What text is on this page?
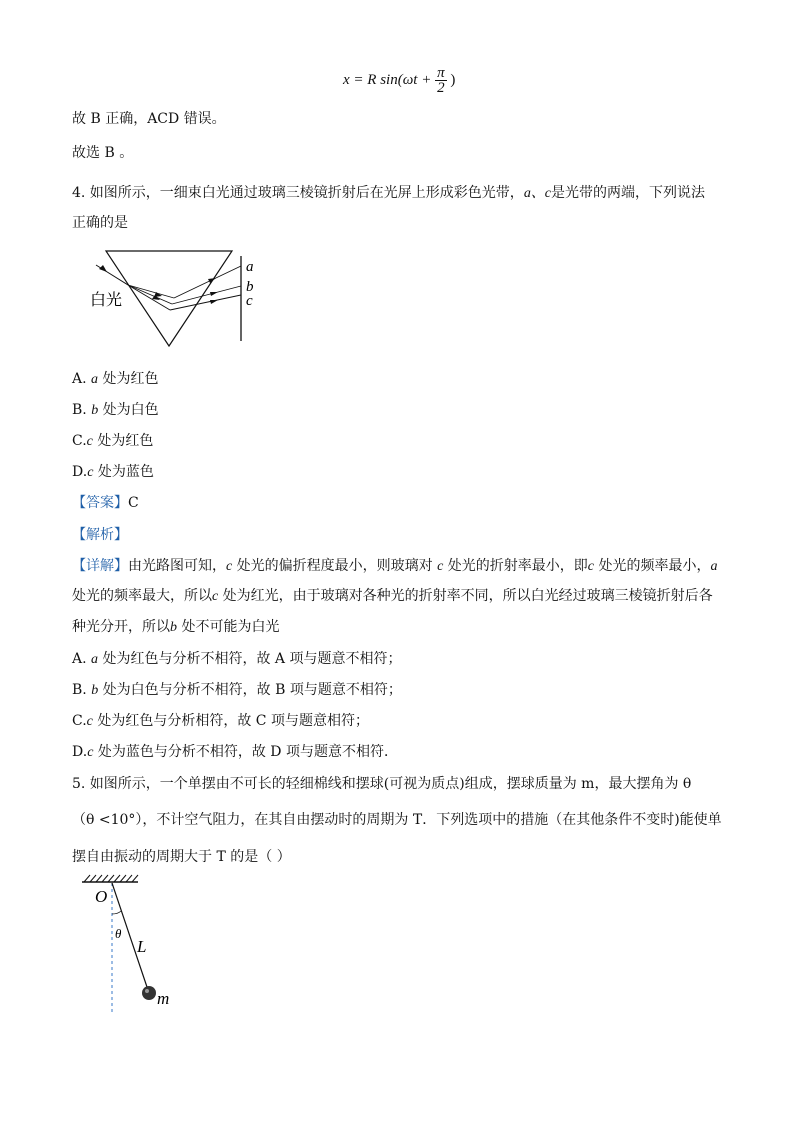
x = R $\sin(\omega t + \frac{\pi}{2}$ )
故 B 正确，ACD 错误。
故选 B 。
4. 如图所示，一细束白光通过玻璃三棱镜折射后在光屏上形成彩色光带，a、c是光带的两端，下列说法
正确的是
白光
a
b
c
A. a 处为红色
B. b 处为白色
C.c 处为红色
D.c 处为蓝色
【答案】C
【解析】
【详解】由光路图可知，c 处光的偏折程度最小，则玻璃对 c 处光的折射率最小，即c 处光的频率最小，a
处光的频率最大，所以c 处为红光，由于玻璃对各种光的折射率不同，所以白光经过玻璃三棱镜折射后各
种光分开，所以b 处不可能为白光
A. a 处为红色与分析不相符，故 A 项与题意不相符；
B. b 处为白色与分析不相符，故 B 项与题意不相符；
C.c 处为红色与分析相符，故 C 项与题意相符；
D.c 处为蓝色与分析不相符，故 D 项与题意不相符．
5. 如图所示，一个单摆由不可长的轻细棉线和摆球(可视为质点)组成，摆球质量为 m，最大摆角为 θ
（θ <10°），不计空气阻力，在其自由摆动时的周期为 T．下列选项中的措施（在其他条件不变时)能使单
摆自由振动的周期大于 T 的是（ ）
O
θ
L
m
